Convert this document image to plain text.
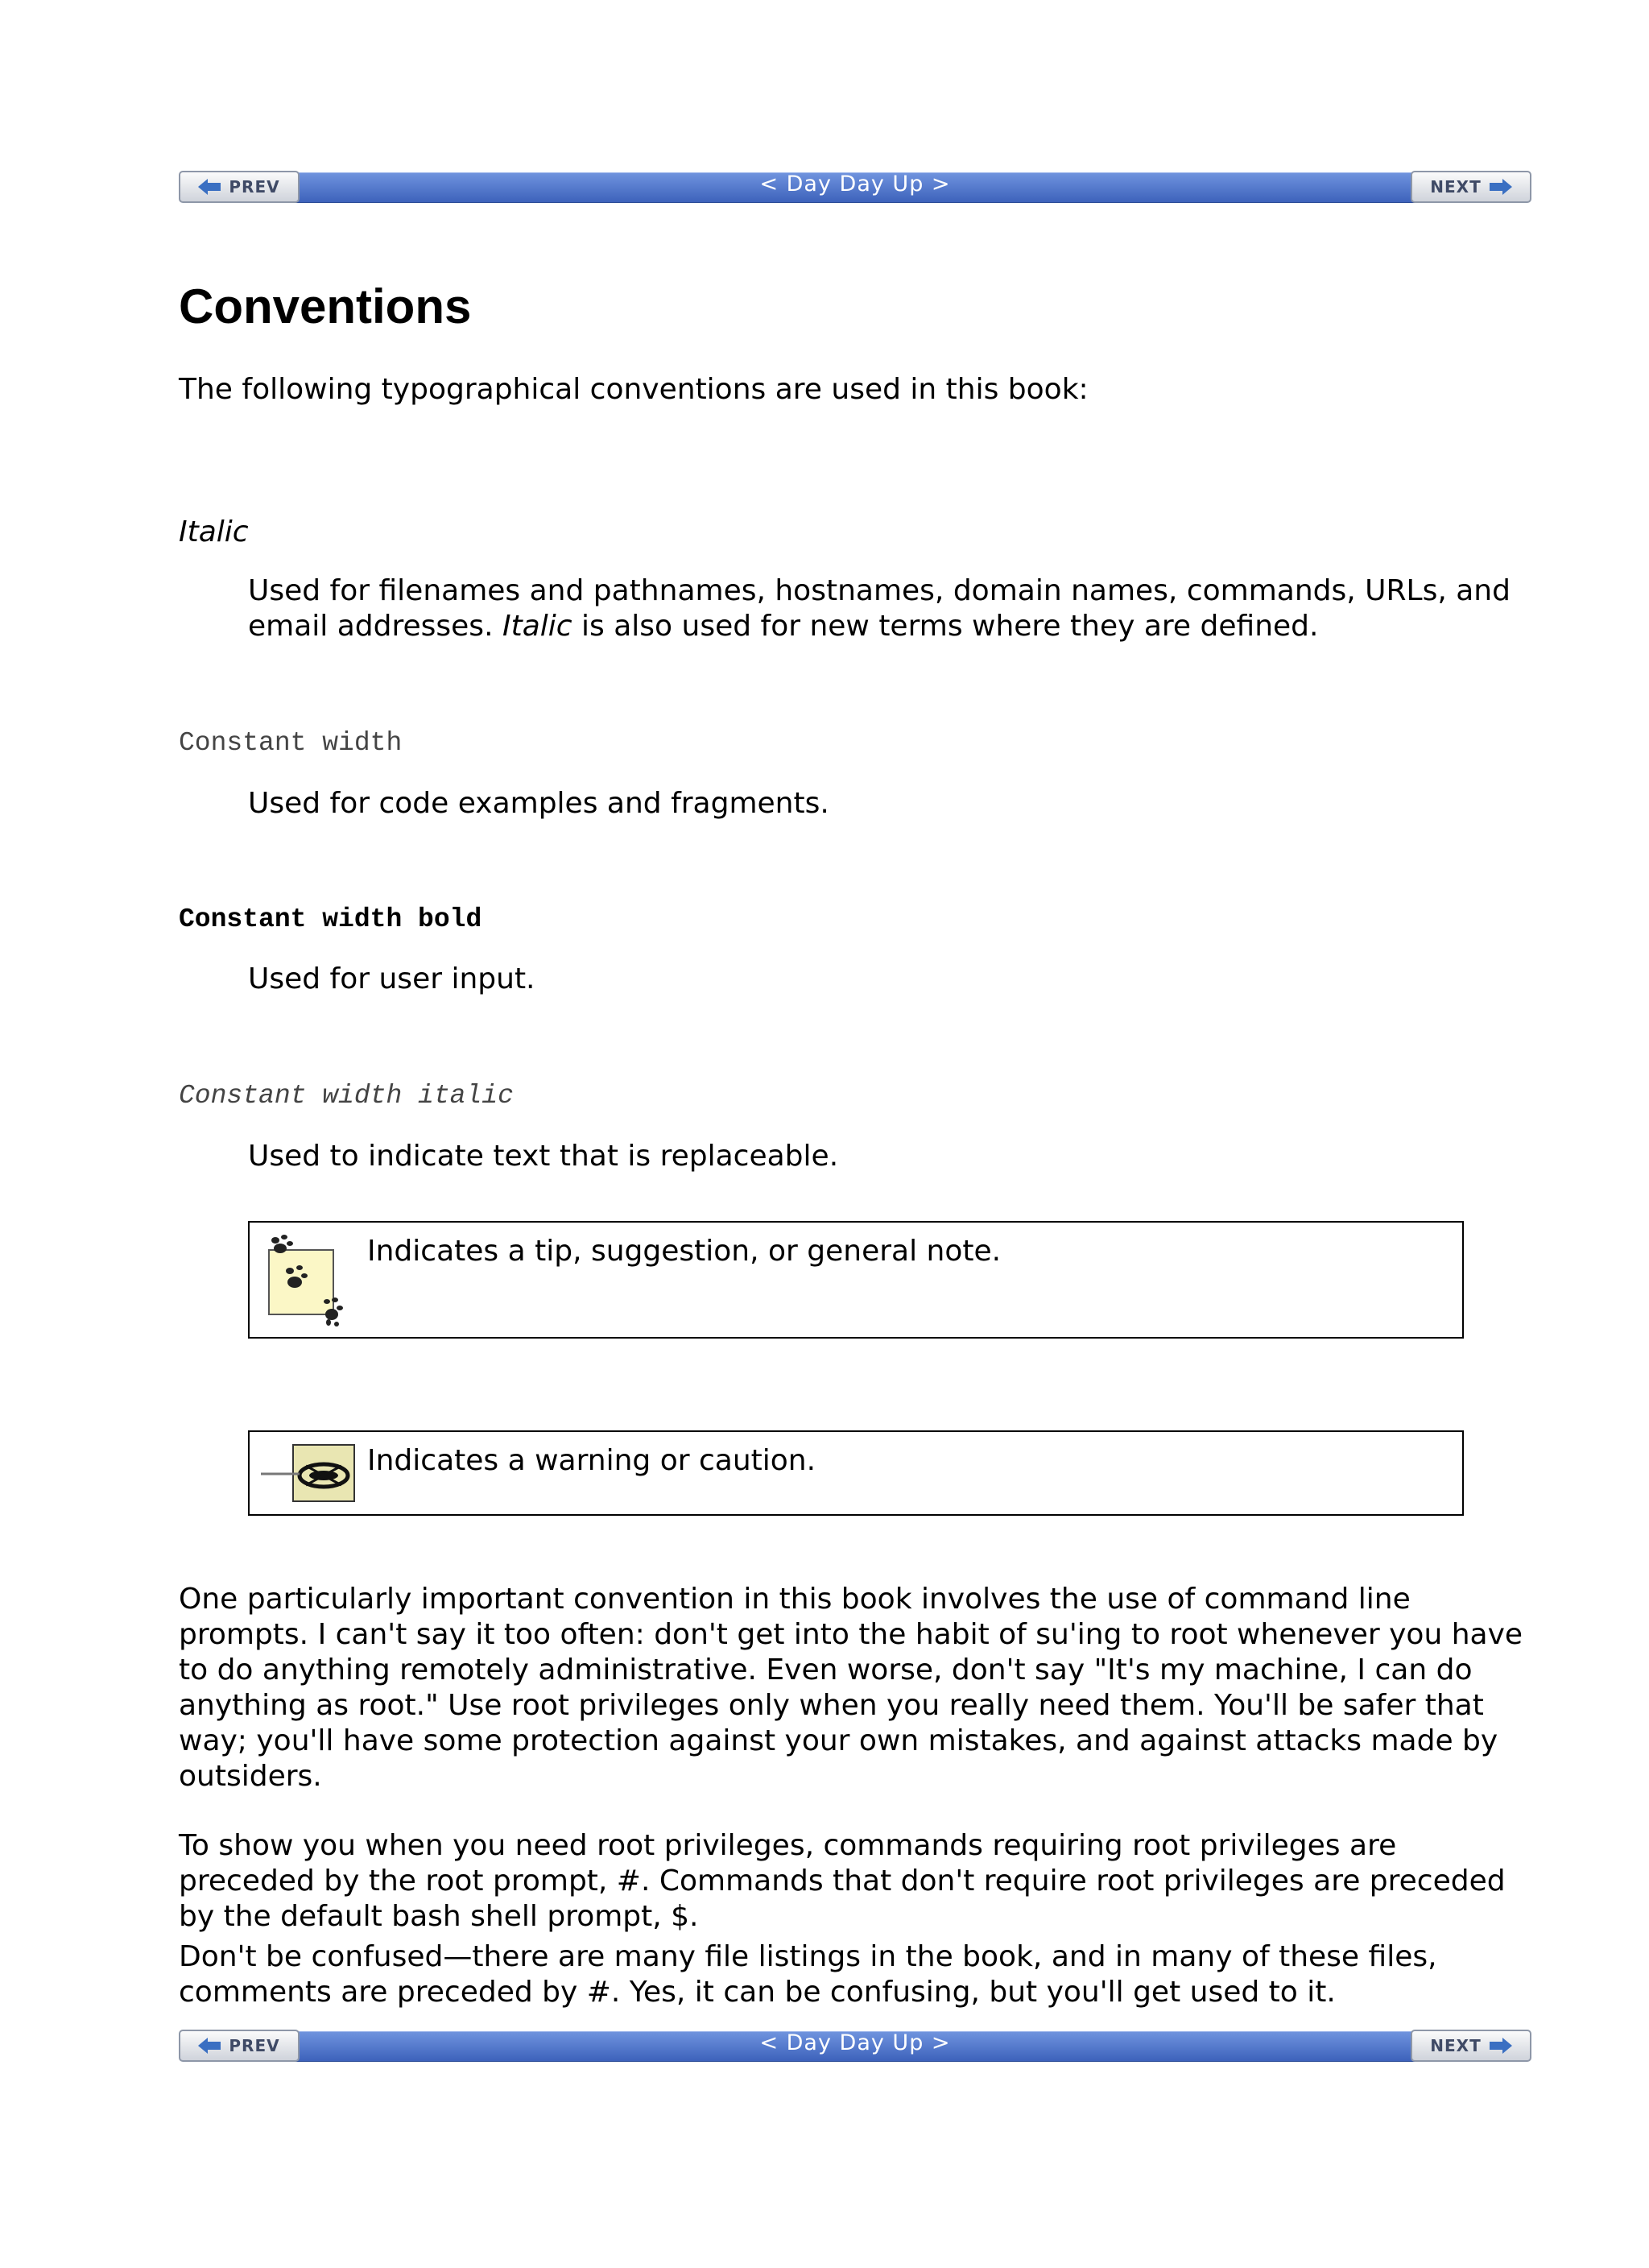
< Day Day Up >
PREV	NEXT
Conventions
The following typographical conventions are used in this book:
Italic
Used for filenames and pathnames, hostnames, domain names, commands, URLs, and email addresses. Italic is also used for new terms where they are defined.
Constant width
Used for code examples and fragments.
Constant width bold
Used for user input.
Constant width italic
Used to indicate text that is replaceable.
Indicates a tip, suggestion, or general note.
Indicates a warning or caution.

One particularly important convention in this book involves the use of command line prompts. I can't say it too often: don't get into the habit of su'ing to root whenever you have to do anything remotely administrative. Even worse, don't say "It's my machine, I can do anything as root." Use root privileges only when you really need them. You'll be safer that way; you'll have some protection against your own mistakes, and against attacks made by outsiders.

To show you when you need root privileges, commands requiring root privileges are preceded by the root prompt, #. Commands that don't require root privileges are preceded by the default bash shell prompt, $.

Don't be confused—there are many file listings in the book, and in many of these files, comments are preceded by #. Yes, it can be confusing, but you'll get used to it.

< Day Day Up >
PREV	NEXT
